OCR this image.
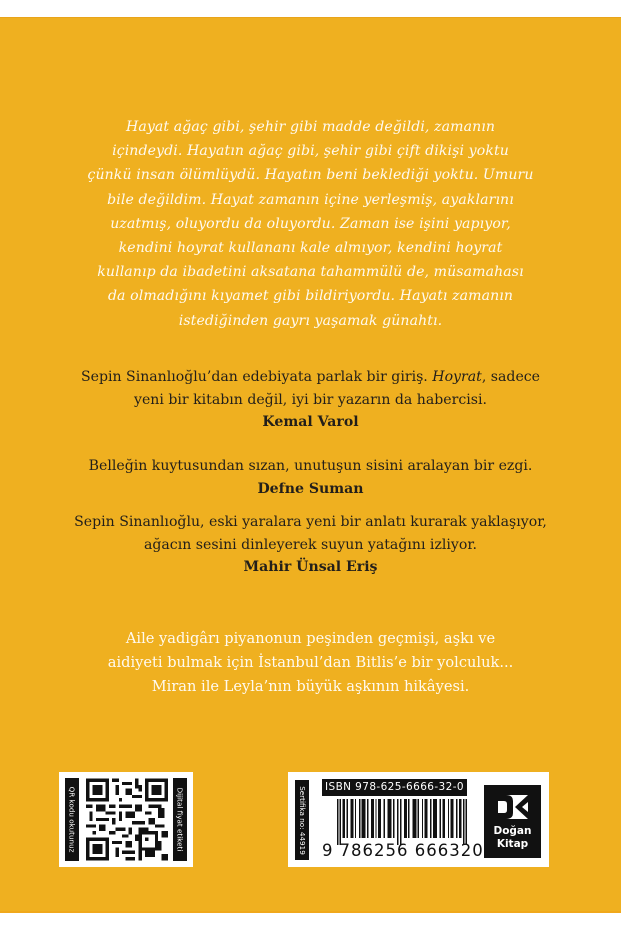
Hayat ağaç gibi, şehir gibi madde değildi, zamanın
içindeydi. Hayatın ağaç gibi, şehir gibi çift dikişi yoktu
çünkü insan ölümlüydü. Hayatın beni beklediği yoktu. Umuru
bile değildim. Hayat zamanın içine yerleşmiş, ayaklarını
uzatmış, oluyordu da oluyordu. Zaman ise işini yapıyor,
kendini hoyrat kullananı kale almıyor, kendini hoyrat
kullanıp da ibadetini aksatana tahammülü de, müsamahası
da olmadığını kıyamet gibi bildiriyordu. Hayatı zamanın
istediğinden gayrı yaşamak günahtı.
Sepin Sinanlıoğlu’dan edebiyata parlak bir giriş. Hoyrat, sadece
yeni bir kitabın değil, iyi bir yazarın da habercisi.
Kemal Varol
Belleğin kuytusundan sızan, unutuşun sisini aralayan bir ezgi.
Defne Suman
Sepin Sinanlıoğlu, eski yaralara yeni bir anlatı kurarak yaklaşıyor,
ağacın sesini dinleyerek suyun yatağını izliyor.
Mahir Ünsal Eriş
Aile yadigârı piyanonun peşinden geçmişi, aşkı ve
aidiyeti bulmak için İstanbul’dan Bitlis’e bir yolculuk...
Miran ile Leyla’nın büyük aşkının hikâyesi.
QR kodu okutunuz	Dijital fiyat etiketi	Sertifika no: 44919 ISBN 978-625-6666-32-0
9 786256 666320
Doğan
Kitap
